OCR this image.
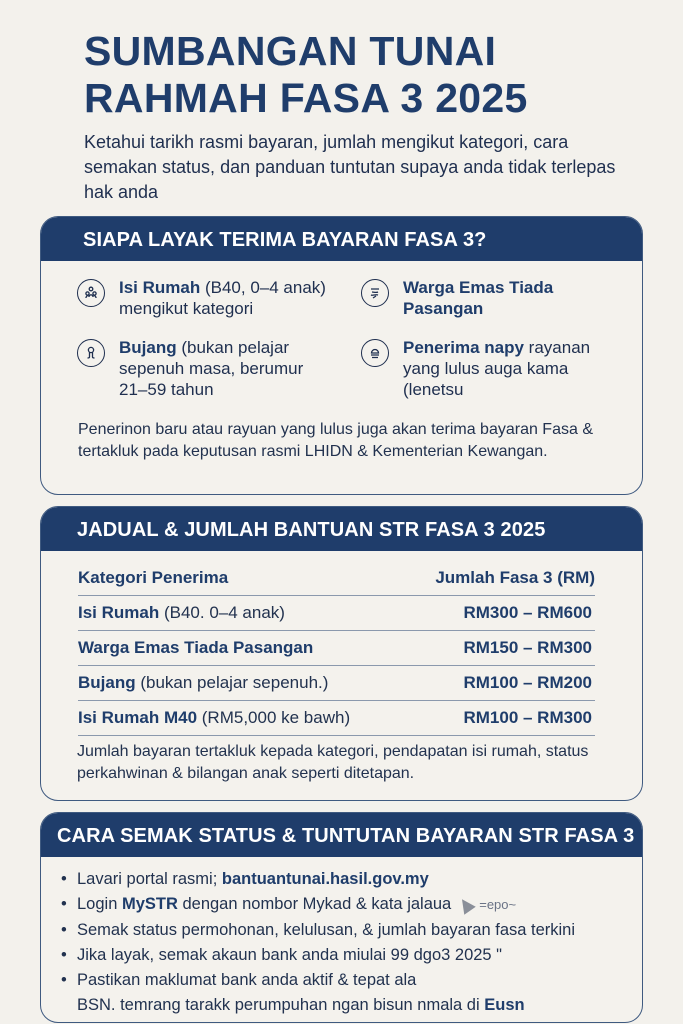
SUMBANGAN TUNAI
RAHMAH FASA 3 2025

Ketahui tarikh rasmi bayaran, jumlah mengikut kategori, cara semakan status, dan panduan tuntutan supaya anda tidak terlepas hak anda

SIAPA LAYAK TERIMA BAYARAN FASA 3?
Isi Rumah (B40, 0–4 anak) mengikut kategori
Warga Emas Tiada Pasangan
Bujang (bukan pelajar sepenuh masa, berumur 21–59 tahun
Penerima napy rayanan yang lulus auga kama (lenetsu
Penerinon baru atau rayuan yang lulus juga akan terima bayaran Fasa & tertakluk pada keputusan rasmi LHIDN & Kementerian Kewangan.
JADUAL & JUMLAH BANTUAN STR FASA 3 2025
Kategori Penerima	Jumlah Fasa 3 (RM)
Isi Rumah (B40. 0–4 anak)	RM300 – RM600
Warga Emas Tiada Pasangan	RM150 – RM300
Bujang (bukan pelajar sepenuh.)	RM100 – RM200
Isi Rumah M40 (RM5,000 ke bawh)	RM100 – RM300
Jumlah bayaran tertakluk kepada kategori, pendapatan isi rumah, status perkahwinan & bilangan anak seperti ditetapan.
CARA SEMAK STATUS & TUNTUTAN BAYARAN STR FASA 3
• Lavari portal rasmi; bantuantunai.hasil.gov.my
• Login MySTR dengan nombor Mykad & kata jalaua =epo~
• Semak status permohonan, kelulusan, & jumlah bayaran fasa terkini
• Jika layak, semak akaun bank anda miulai 99 dgo3 2025 "
• Pastikan maklumat bank anda aktif & tepat ala
BSN. temrang tarakk perumpuhan ngan bisun nmala di Eusn
